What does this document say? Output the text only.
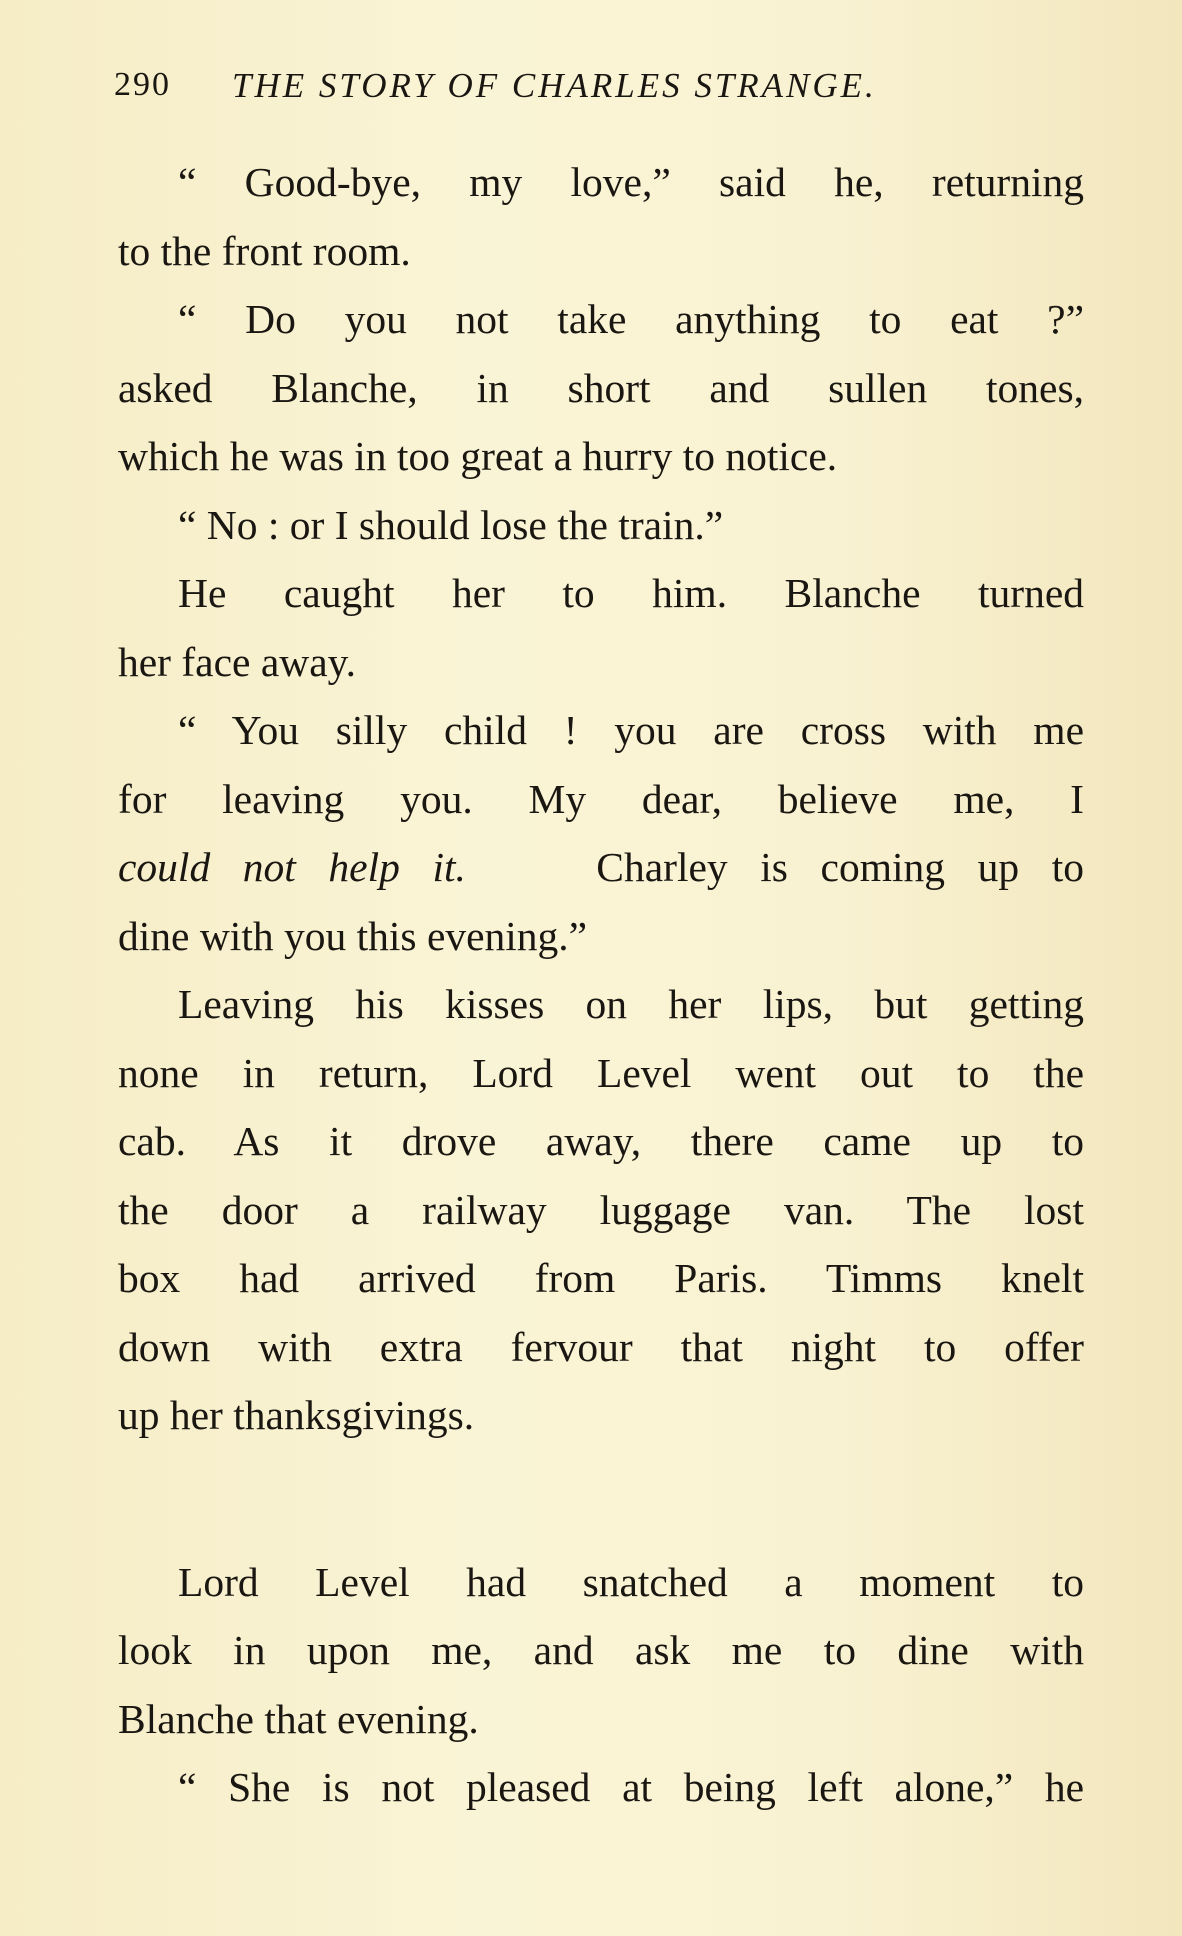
290 THE STORY OF CHARLES STRANGE.
“ Good-bye, my love,” said he, returning
to the front room.
“ Do you not take anything to eat ?”
asked Blanche, in short and sullen tones,
which he was in too great a hurry to notice.
“ No : or I should lose the train.”
He caught her to him. Blanche turned
her face away.
“ You silly child ! you are cross with me
for leaving you. My dear, believe me, I
could not help it.	Charley is coming up to
dine with you this evening.”
Leaving his kisses on her lips, but getting
none in return, Lord Level went out to the
cab. As it drove away, there came up to
the door a railway luggage van. The lost
box had arrived from Paris. Timms knelt
down with extra fervour that night to offer
up her thanksgivings.
Lord Level had snatched a moment to
look in upon me, and ask me to dine with
Blanche that evening.
“ She is not pleased at being left alone,” he
